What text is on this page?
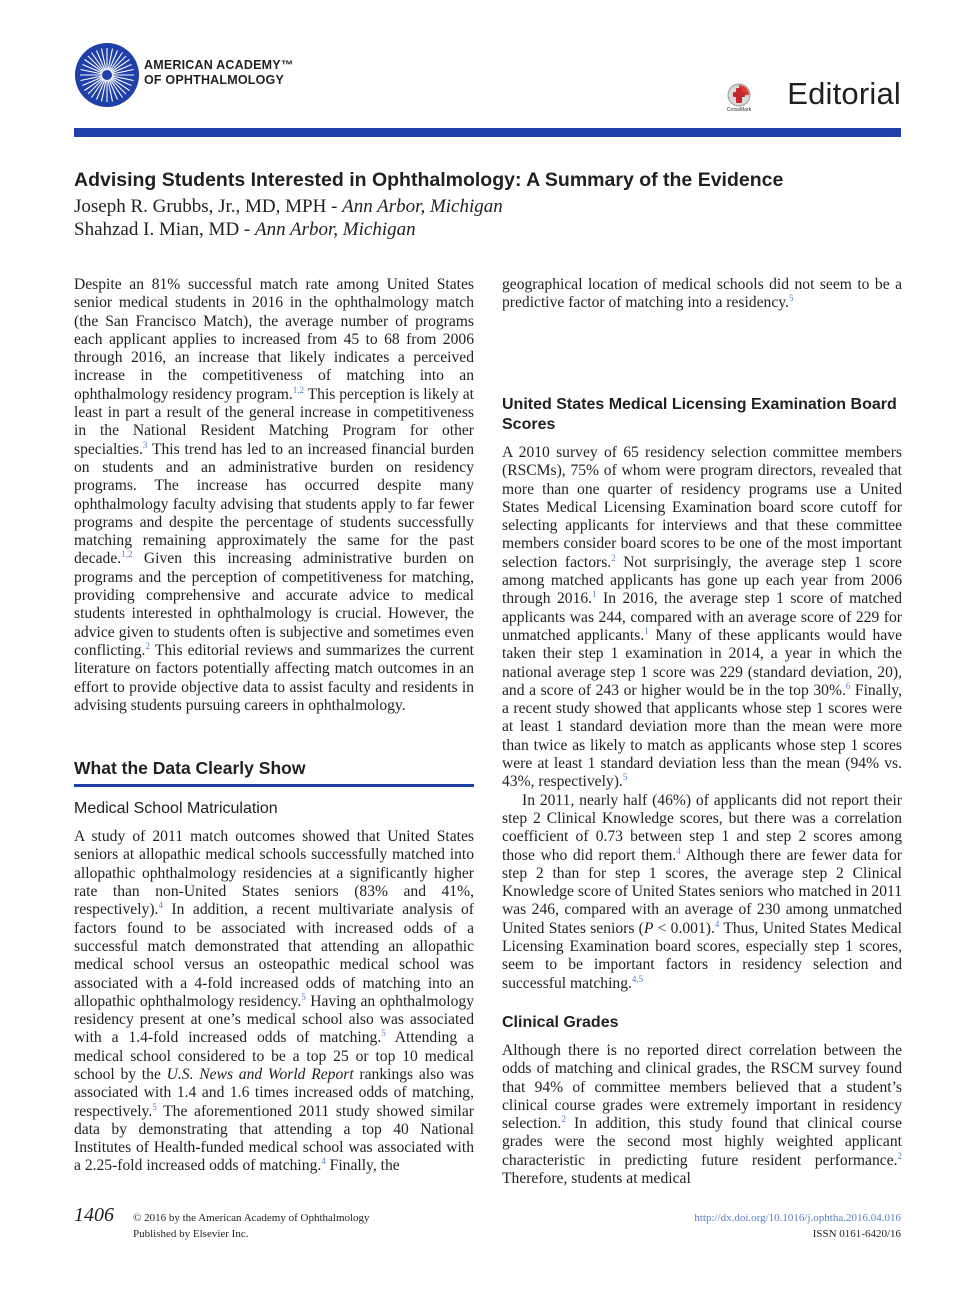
AMERICAN ACADEMY™
OF OPHTHALMOLOGY
CrossMark Editorial
Advising Students Interested in Ophthalmology: A Summary of the Evidence
Joseph R. Grubbs, Jr., MD, MPH - Ann Arbor, Michigan
Shahzad I. Mian, MD - Ann Arbor, Michigan

Despite an 81% successful match rate among United States senior medical students in 2016 in the ophthalmology match (the San Francisco Match), the average number of programs each applicant applies to increased from 45 to 68 from 2006 through 2016, an increase that likely indicates a perceived increase in the competitiveness of matching into an ophthalmology residency program.$^{1,2}$ This perception is likely at least in part a result of the general increase in competitiveness in the National Resident Matching Program for other specialties.$^3$ This trend has led to an increased financial burden on students and an administrative burden on residency programs. The increase has occurred despite many ophthalmology faculty advising that students apply to far fewer programs and despite the percentage of students successfully matching remaining approximately the same for the past decade.$^{1,2}$ Given this increasing administrative burden on programs and the perception of competitiveness for matching, providing comprehensive and accurate advice to medical students interested in ophthalmology is crucial. However, the advice given to students often is subjective and sometimes even conflicting.$^2$ This editorial reviews and summarizes the current literature on factors potentially affecting match outcomes in an effort to provide objective data to assist faculty and residents in advising students pursuing careers in ophthalmology.

What the Data Clearly Show
Medical School Matriculation

A study of 2011 match outcomes showed that United States seniors at allopathic medical schools successfully matched into allopathic ophthalmology residencies at a significantly higher rate than non-United States seniors (83% and 41%, respectively).$^4$ In addition, a recent multivariate analysis of factors found to be associated with increased odds of a successful match demonstrated that attending an allopathic medical school versus an osteopathic medical school was associated with a 4-fold increased odds of matching into an allopathic ophthalmology residency.$^5$ Having an ophthalmology residency present at one’s medical school also was associated with a 1.4-fold increased odds of matching.$^5$ Attending a medical school considered to be a top 25 or top 10 medical school by the U.S. News and World Report rankings also was associated with 1.4 and 1.6 times increased odds of matching, respectively.$^5$ The aforementioned 2011 study showed similar data by demonstrating that attending a top 40 National Institutes of Health-funded medical school was associated with a 2.25-fold increased odds of matching.$^4$ Finally, the

geographical location of medical schools did not seem to be a predictive factor of matching into a residency.$^5$

United States Medical Licensing Examination Board Scores

A 2010 survey of 65 residency selection committee members (RSCMs), 75% of whom were program directors, revealed that more than one quarter of residency programs use a United States Medical Licensing Examination board score cutoff for selecting applicants for interviews and that these committee members consider board scores to be one of the most important selection factors.$^2$ Not surprisingly, the average step 1 score among matched applicants has gone up each year from 2006 through 2016.$^1$ In 2016, the average step 1 score of matched applicants was 244, compared with an average score of 229 for unmatched applicants.$^1$ Many of these applicants would have taken their step 1 examination in 2014, a year in which the national average step 1 score was 229 (standard deviation, 20), and a score of 243 or higher would be in the top 30%.$^6$ Finally, a recent study showed that applicants whose step 1 scores were at least 1 standard deviation more than the mean were more than twice as likely to match as applicants whose step 1 scores were at least 1 standard deviation less than the mean (94% vs. 43%, respectively).$^5$

In 2011, nearly half (46%) of applicants did not report their step 2 Clinical Knowledge scores, but there was a correlation coefficient of 0.73 between step 1 and step 2 scores among those who did report them.$^4$ Although there are fewer data for step 2 than for step 1 scores, the average step 2 Clinical Knowledge score of United States seniors who matched in 2011 was 246, compared with an average of 230 among unmatched United States seniors (P < 0.001).$^4$ Thus, United States Medical Licensing Examination board scores, especially step 1 scores, seem to be important factors in residency selection and successful matching.$^{4,5}$

Clinical Grades

Although there is no reported direct correlation between the odds of matching and clinical grades, the RSCM survey found that 94% of committee members believed that a student’s clinical course grades were extremely important in residency selection.$^2$ In addition, this study found that clinical course grades were the second most highly weighted applicant characteristic in predicting future resident performance.$^2$ Therefore, students at medical

1406 © 2016 by the American Academy of Ophthalmology
Published by Elsevier Inc.
http://dx.doi.org/10.1016/j.ophtha.2016.04.016
ISSN 0161-6420/16
